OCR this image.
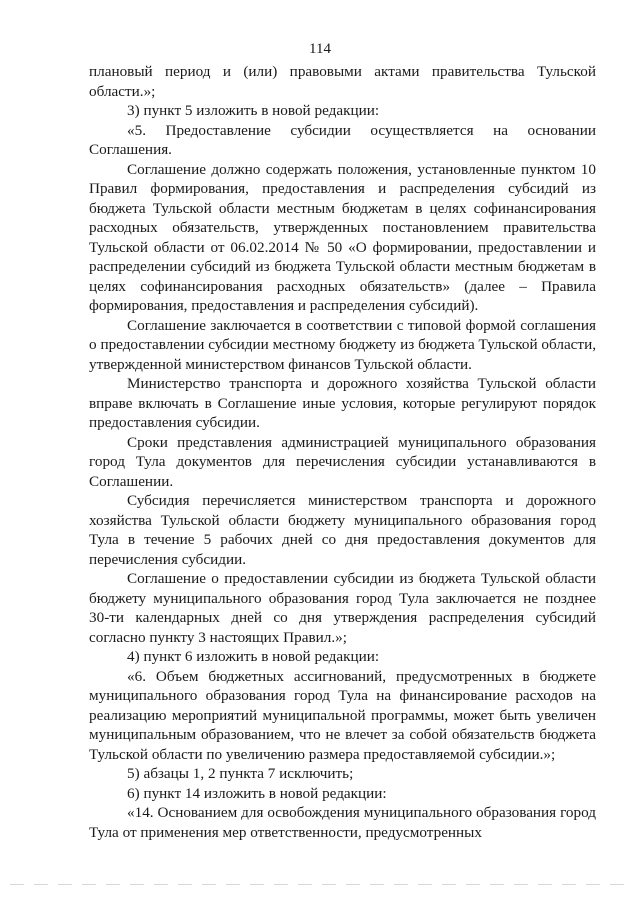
114

плановый период и (или) правовыми актами правительства Тульской области.»;

3) пункт 5 изложить в новой редакции:

«5. Предоставление субсидии осуществляется на основании Соглашения.

Соглашение должно содержать положения, установленные пунктом 10 Правил формирования, предоставления и распределения субсидий из бюджета Тульской области местным бюджетам в целях софинансирования расходных обязательств, утвержденных постановлением правительства Тульской области от 06.02.2014 № 50 «О формировании, предоставлении и распределении субсидий из бюджета Тульской области местным бюджетам в целях софинансирования расходных обязательств» (далее – Правила формирования, предоставления и распределения субсидий).

Соглашение заключается в соответствии с типовой формой соглашения о предоставлении субсидии местному бюджету из бюджета Тульской области, утвержденной министерством финансов Тульской области.

Министерство транспорта и дорожного хозяйства Тульской области вправе включать в Соглашение иные условия, которые регулируют порядок предоставления субсидии.

Сроки представления администрацией муниципального образования город Тула документов для перечисления субсидии устанавливаются в Соглашении.

Субсидия перечисляется министерством транспорта и дорожного хозяйства Тульской области бюджету муниципального образования город Тула в течение 5 рабочих дней со дня предоставления документов для перечисления субсидии.

Соглашение о предоставлении субсидии из бюджета Тульской области бюджету муниципального образования город Тула заключается не позднее 30-ти календарных дней со дня утверждения распределения субсидий согласно пункту 3 настоящих Правил.»;

4) пункт 6 изложить в новой редакции:

«6. Объем бюджетных ассигнований, предусмотренных в бюджете муниципального образования город Тула на финансирование расходов на реализацию мероприятий муниципальной программы, может быть увеличен муниципальным образованием, что не влечет за собой обязательств бюджета Тульской области по увеличению размера предоставляемой субсидии.»;

5) абзацы 1, 2 пункта 7 исключить;

6) пункт 14 изложить в новой редакции:

«14. Основанием для освобождения муниципального образования город Тула от применения мер ответственности, предусмотренных
